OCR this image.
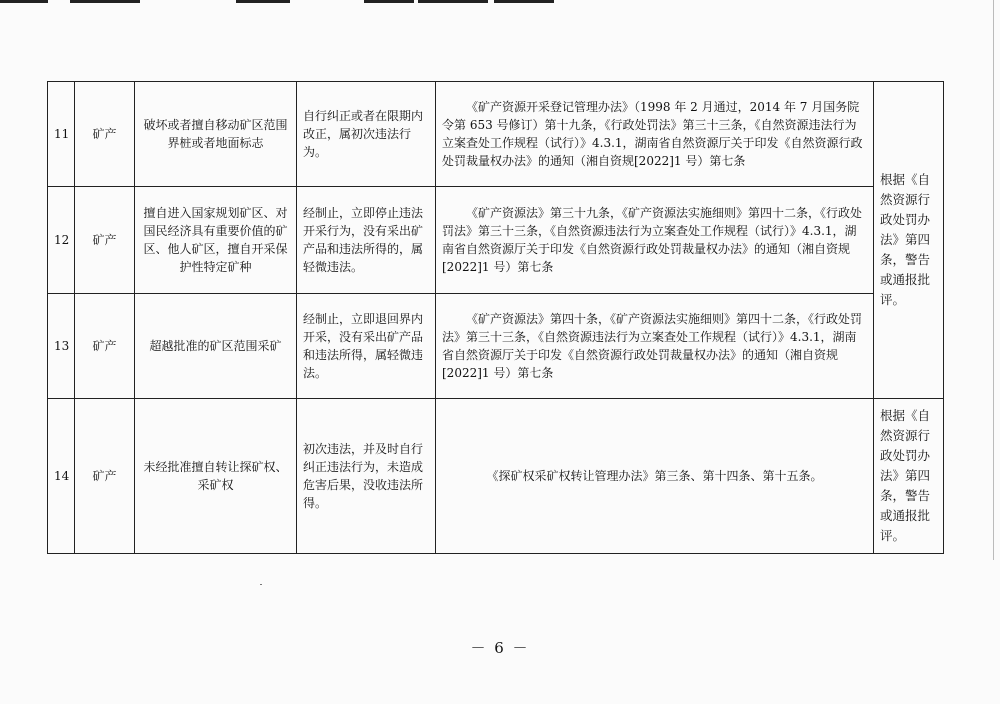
11	矿产	破坏或者擅自移动矿区范围界桩或者地面标志	自行纠正或者在限期内改正，属初次违法行为。	《矿产资源开采登记管理办法》（1998 年 2 月通过，2014 年 7 月国务院令第 653 号修订）第十九条，《行政处罚法》第三十三条，《自然资源违法行为立案查处工作规程（试行）》4.3.1，湖南省自然资源厅关于印发《自然资源行政处罚裁量权办法》的通知（湘自资规[2022]1 号）第七条	根据《自然资源行政处罚办法》第四条，警告或通报批评。
12	矿产	擅自进入国家规划矿区、对国民经济具有重要价值的矿区、他人矿区，擅自开采保护性特定矿种	经制止，立即停止违法开采行为，没有采出矿产品和违法所得的，属轻微违法。	《矿产资源法》第三十九条，《矿产资源法实施细则》第四十二条，《行政处罚法》第三十三条，《自然资源违法行为立案查处工作规程（试行）》4.3.1，湖南省自然资源厅关于印发《自然资源行政处罚裁量权办法》的通知（湘自资规[2022]1 号）第七条	
13	矿产	超越批准的矿区范围采矿	经制止，立即退回界内开采，没有采出矿产品和违法所得，属轻微违法。	《矿产资源法》第四十条，《矿产资源法实施细则》第四十二条，《行政处罚法》第三十三条，《自然资源违法行为立案查处工作规程（试行）》4.3.1，湖南省自然资源厅关于印发《自然资源行政处罚裁量权办法》的通知（湘自资规[2022]1 号）第七条	
14	矿产	未经批准擅自转让探矿权、采矿权	初次违法，并及时自行纠正违法行为，未造成危害后果，没收违法所得。	《探矿权采矿权转让管理办法》第三条、第十四条、第十五条。	根据《自然资源行政处罚办法》第四条，警告或通报批评。
－ 6 －
